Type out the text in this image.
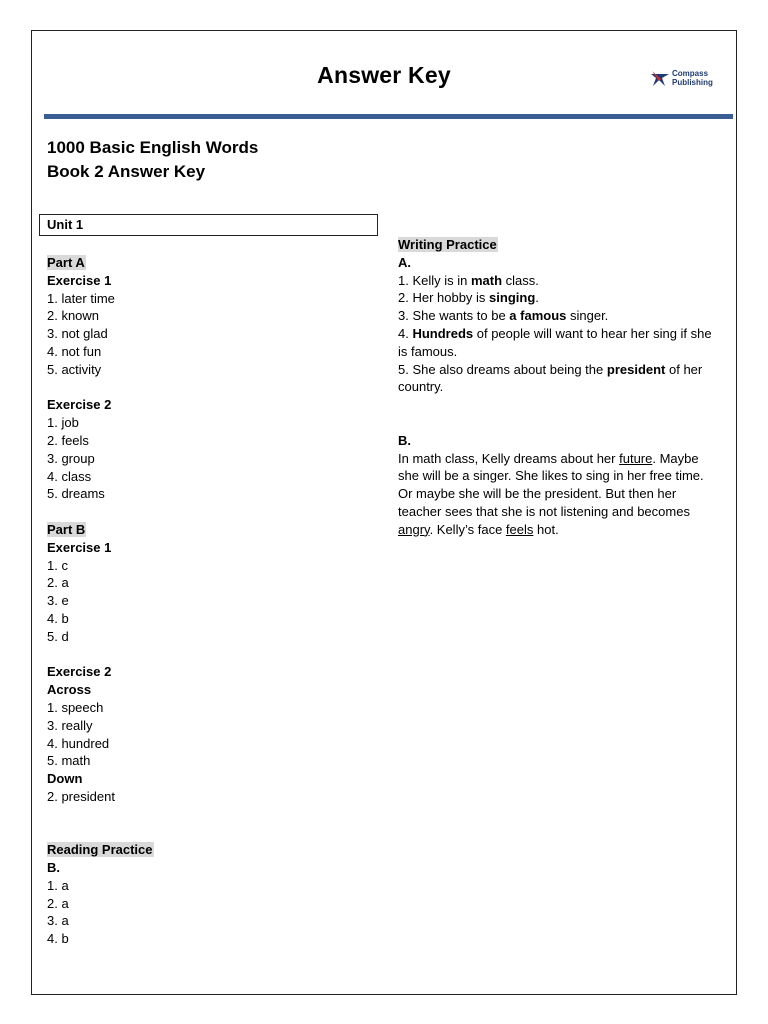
Answer Key	Compass
Publishing
1000 Basic English Words
Book 2 Answer Key
Unit 1
Part A
Exercise 1
1. later time
2. known
3. not glad
4. not fun
5. activity
Exercise 2
1. job
2. feels
3. group
4. class
5. dreams
Part B
Exercise 1
1. c
2. a
3. e
4. b
5. d
Exercise 2
Across
1. speech
3. really
4. hundred
5. math
Down
2. president
Reading Practice
B.
1. a
2. a
3. a
4. b
Writing Practice
A.
1. Kelly is in math class.
2. Her hobby is singing.
3. She wants to be a famous singer.
4. Hundreds of people will want to hear her sing if she is famous.
5. She also dreams about being the president of her country.
B.
In math class, Kelly dreams about her future. Maybe she will be a singer. She likes to sing in her free time. Or maybe she will be the president. But then her teacher sees that she is not listening and becomes angry. Kelly’s face feels hot.
